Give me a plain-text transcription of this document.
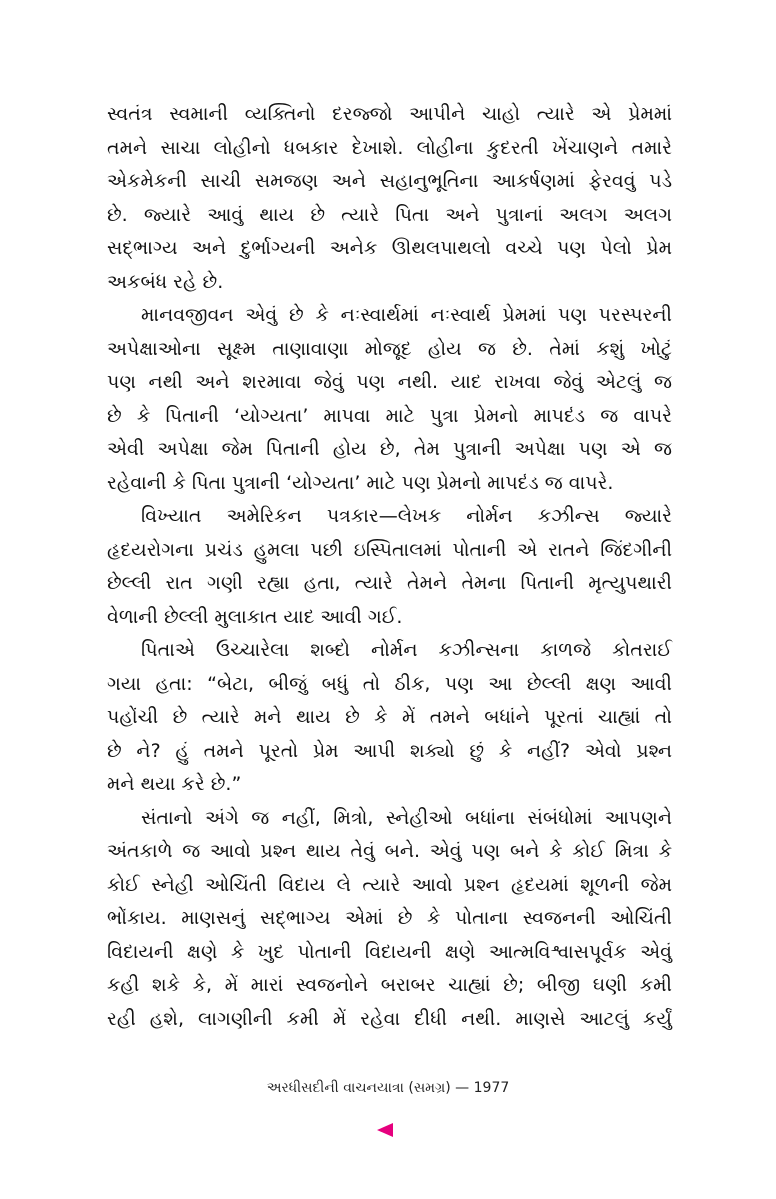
સ્વતંત્ર સ્વમાની વ્યક્તિનો દરજ્જો આપીને ચાહો ત્યારે એ પ્રેમમાં
તમને સાચા લોહીનો ધબકાર દેખાશે. લોહીના કુદરતી ખેંચાણને તમારે
એકમેકની સાચી સમજણ અને સહાનુભૂતિના આકર્ષણમાં ફેરવવું પડે
છે. જ્યારે આવું થાય છે ત્યારે પિતા અને પુત્રાનાં અલગ અલગ
સદ્ભાગ્ય અને દુર્ભાગ્યની અનેક ઊથલપાથલો વચ્ચે પણ પેલો પ્રેમ
અકબંધ રહે છે.
માનવજીવન એવું છે કે નઃસ્વાર્થમાં નઃસ્વાર્થ પ્રેમમાં પણ પરસ્પરની
અપેક્ષાઓના સૂક્ષ્મ તાણાવાણા મોજૂદ હોય જ છે. તેમાં કશું ખોટું
પણ નથી અને શરમાવા જેવું પણ નથી. યાદ રાખવા જેવું એટલું જ
છે કે પિતાની ‘યોગ્યતા’ માપવા માટે પુત્રા પ્રેમનો માપદંડ જ વાપરે
એવી અપેક્ષા જેમ પિતાની હોય છે, તેમ પુત્રાની અપેક્ષા પણ એ જ
રહેવાની કે પિતા પુત્રાની ‘યોગ્યતા’ માટે પણ પ્રેમનો માપદંડ જ વાપરે.
વિખ્યાત અમેરિકન પત્રકાર—લેખક નોર્મન કઝીન્સ જ્યારે
હૃદયરોગના પ્રચંડ હુમલા પછી ઇસ્પિતાલમાં પોતાની એ રાતને જિંદગીની
છેલ્લી રાત ગણી રહ્યા હતા, ત્યારે તેમને તેમના પિતાની મૃત્યુપથારી
વેળાની છેલ્લી મુલાકાત યાદ આવી ગઈ.
પિતાએ ઉચ્ચારેલા શબ્દો નોર્મન કઝીન્સના કાળજે કોતરાઈ
ગયા હતા: “બેટા, બીજું બધું તો ઠીક, પણ આ છેલ્લી ક્ષણ આવી
પહોંચી છે ત્યારે મને થાય છે કે મેં તમને બધાંને પૂરતાં ચાહ્યાં તો
છે ને? હું તમને પૂરતો પ્રેમ આપી શક્યો છું કે નહીં? એવો પ્રશ્ન
મને થયા કરે છે.”
સંતાનો અંગે જ નહીં, મિત્રો, સ્નેહીઓ બધાંના સંબંધોમાં આપણને
અંતકાળે જ આવો પ્રશ્ન થાય તેવું બને. એવું પણ બને કે કોઈ મિત્રા કે
કોઈ સ્નેહી ઓચિંતી વિદાય લે ત્યારે આવો પ્રશ્ન હૃદયમાં શૂળની જેમ
ભોંકાય. માણસનું સદ્ભાગ્ય એમાં છે કે પોતાના સ્વજનની ઓચિંતી
વિદાયની ક્ષણે કે ખુદ પોતાની વિદાયની ક્ષણે આત્મવિશ્વાસપૂર્વક એવું
કહી શકે કે, મેં મારાં સ્વજનોને બરાબર ચાહ્યાં છે; બીજી ઘણી કમી
રહી હશે, લાગણીની કમી મેં રહેવા દીધી નથી. માણસે આટલું કર્યું
અરધીસદીની વાચનયાત્રા (સમગ્ર) — 1977
